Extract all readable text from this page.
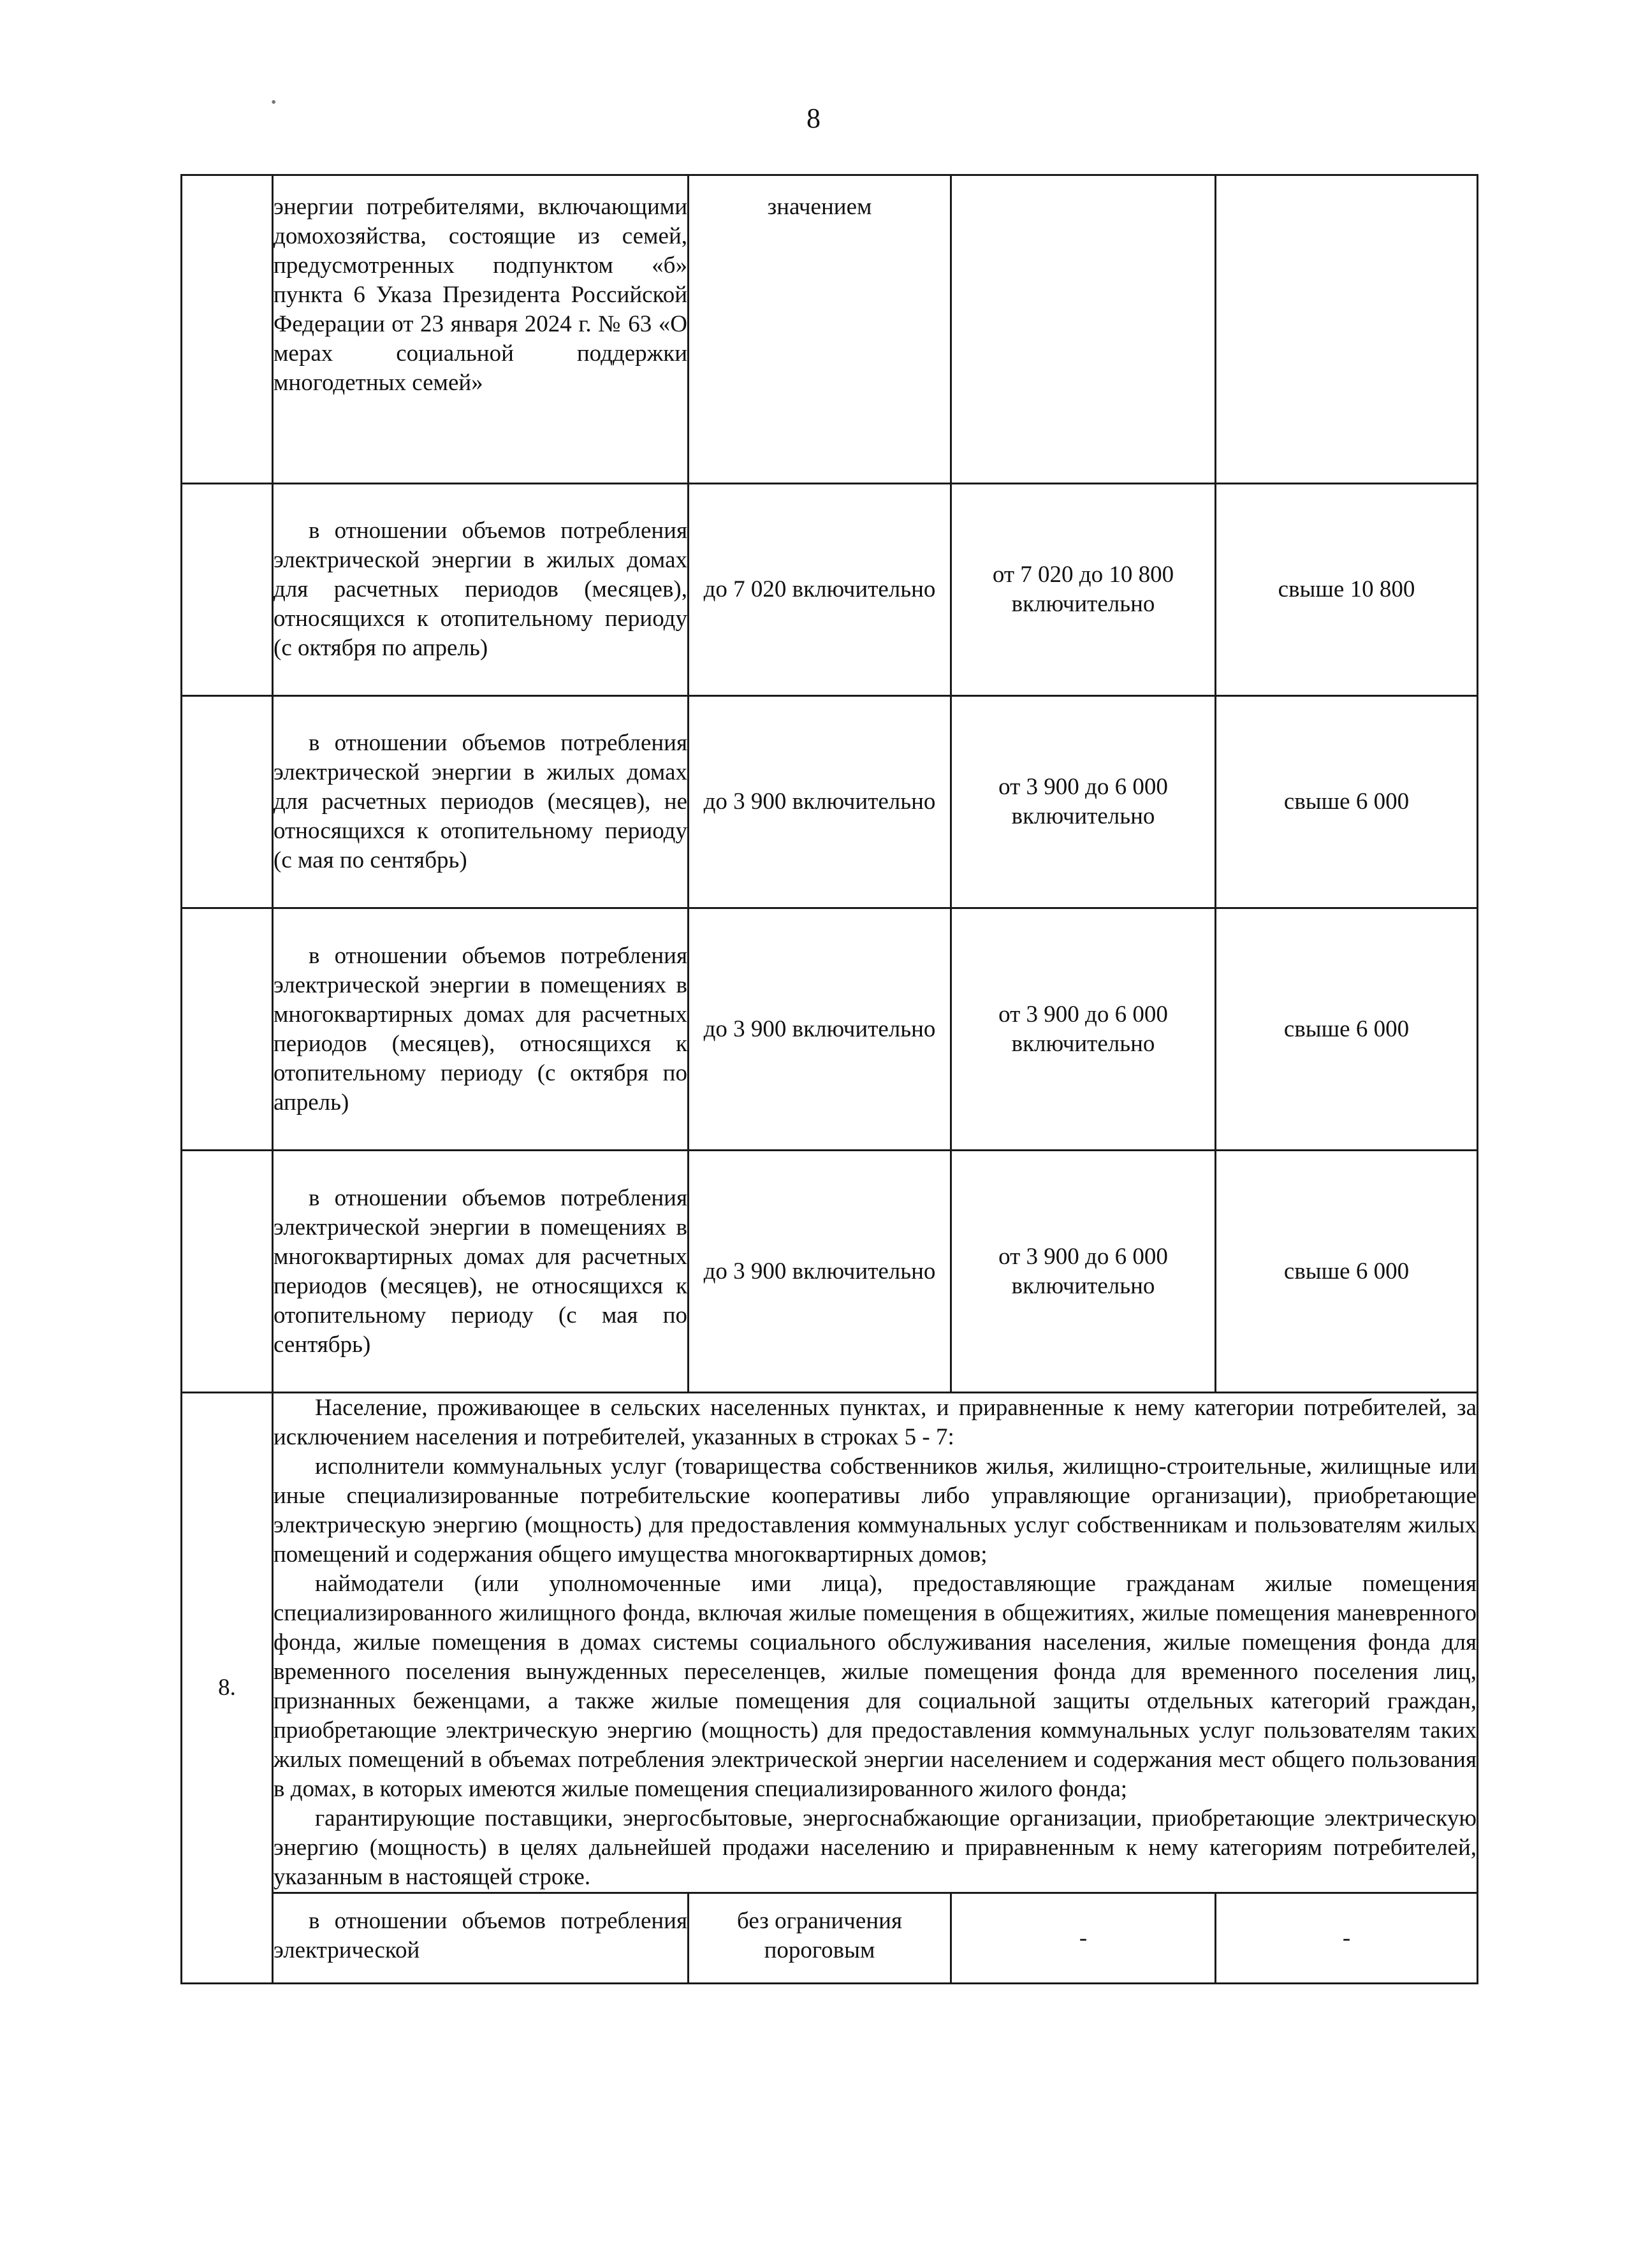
8
•
	энергии потребителями, включающими домохозяйства, состоящие из семей, предусмотренных подпунктом «б» пункта 6 Указа Президента Российской Федерации от 23 января 2024 г. № 63 «О мерах социальной поддержки многодетных семей»	значением		
	в отношении объемов потребления электрической энергии в жилых домах для расчетных периодов (месяцев), относящихся к отопительному периоду (с октября по апрель)	до 7 020 включительно	от 7 020 до 10 800 включительно	свыше 10 800
	в отношении объемов потребления электрической энергии в жилых домах для расчетных периодов (месяцев), не относящихся к отопительному периоду (с мая по сентябрь)	до 3 900 включительно	от 3 900 до 6 000 включительно	свыше 6 000
	в отношении объемов потребления электрической энергии в помещениях в многоквартирных домах для расчетных периодов (месяцев), относящихся к отопительному периоду (с октября по апрель)	до 3 900 включительно	от 3 900 до 6 000 включительно	свыше 6 000
	в отношении объемов потребления электрической энергии в помещениях в многоквартирных домах для расчетных периодов (месяцев), не относящихся к отопительному периоду (с мая по сентябрь)	до 3 900 включительно	от 3 900 до 6 000 включительно	свыше 6 000
8.	Население, проживающее в сельских населенных пунктах, и приравненные к нему категории потребителей, за исключением населения и потребителей, указанных в строках 5 - 7:

исполнители коммунальных услуг (товарищества собственников жилья, жилищно-строительные, жилищные или иные специализированные потребительские кооперативы либо управляющие организации), приобретающие электрическую энергию (мощность) для предоставления коммунальных услуг собственникам и пользователям жилых помещений и содержания общего имущества многоквартирных домов;

наймодатели (или уполномоченные ими лица), предоставляющие гражданам жилые помещения специализированного жилищного фонда, включая жилые помещения в общежитиях, жилые помещения маневренного фонда, жилые помещения в домах системы социального обслуживания населения, жилые помещения фонда для временного поселения вынужденных переселенцев, жилые помещения фонда для временного поселения лиц, признанных беженцами, а также жилые помещения для социальной защиты отдельных категорий граждан, приобретающие электрическую энергию (мощность) для предоставления коммунальных услуг пользователям таких жилых помещений в объемах потребления электрической энергии населением и содержания мест общего пользования в домах, в которых имеются жилые помещения специализированного жилого фонда;

гарантирующие поставщики, энергосбытовые, энергоснабжающие организации, приобретающие электрическую энергию (мощность) в целях дальнейшей продажи населению и приравненным к нему категориям потребителей, указанным в настоящей строке.			

	в отношении объемов потребления электрической	без ограничения пороговым	-	-
